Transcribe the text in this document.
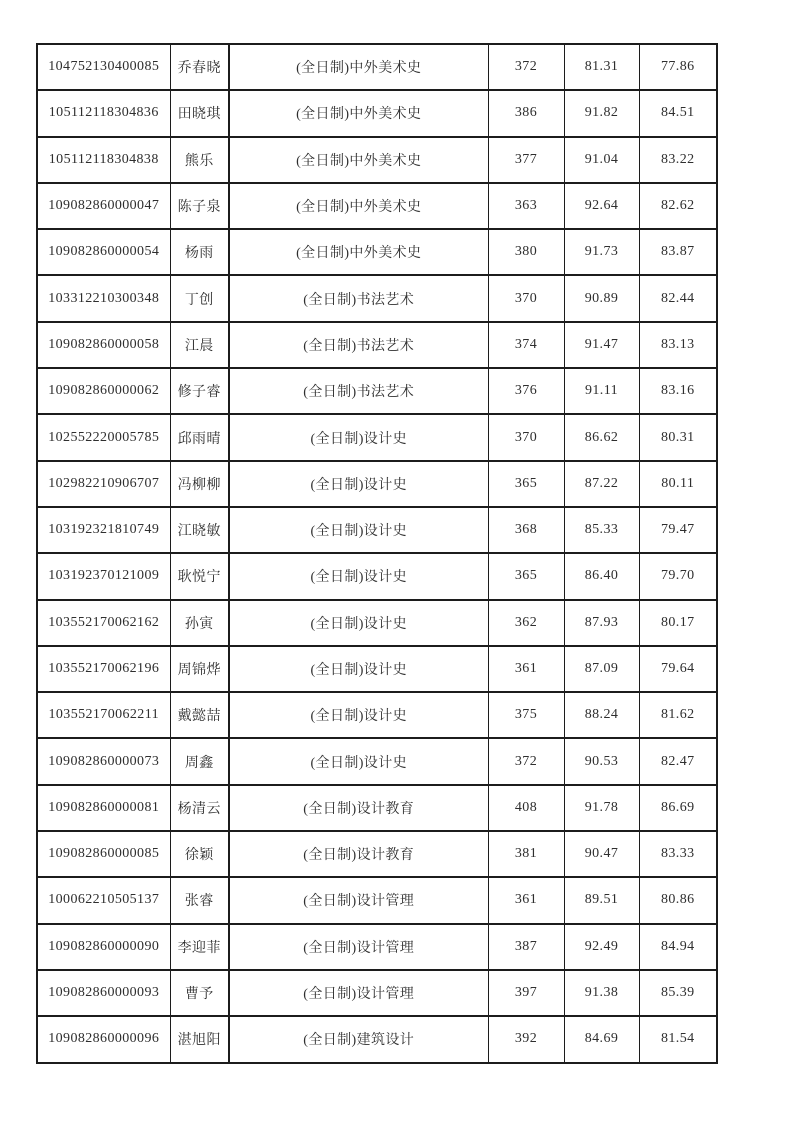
104752130400085	乔春晓	(全日制)中外美术史	372	81.31	77.86
105112118304836	田晓琪	(全日制)中外美术史	386	91.82	84.51
105112118304838	熊乐	(全日制)中外美术史	377	91.04	83.22
109082860000047	陈子泉	(全日制)中外美术史	363	92.64	82.62
109082860000054	杨雨	(全日制)中外美术史	380	91.73	83.87
103312210300348	丁创	(全日制)书法艺术	370	90.89	82.44
109082860000058	江晨	(全日制)书法艺术	374	91.47	83.13
109082860000062	修子睿	(全日制)书法艺术	376	91.11	83.16
102552220005785	邱雨晴	(全日制)设计史	370	86.62	80.31
102982210906707	冯柳柳	(全日制)设计史	365	87.22	80.11
103192321810749	江晓敏	(全日制)设计史	368	85.33	79.47
103192370121009	耿悦宁	(全日制)设计史	365	86.40	79.70
103552170062162	孙寅	(全日制)设计史	362	87.93	80.17
103552170062196	周锦烨	(全日制)设计史	361	87.09	79.64
103552170062211	戴懿喆	(全日制)设计史	375	88.24	81.62
109082860000073	周鑫	(全日制)设计史	372	90.53	82.47
109082860000081	杨清云	(全日制)设计教育	408	91.78	86.69
109082860000085	徐颖	(全日制)设计教育	381	90.47	83.33
100062210505137	张睿	(全日制)设计管理	361	89.51	80.86
109082860000090	李迎菲	(全日制)设计管理	387	92.49	84.94
109082860000093	曹予	(全日制)设计管理	397	91.38	85.39
109082860000096	湛旭阳	(全日制)建筑设计	392	84.69	81.54
